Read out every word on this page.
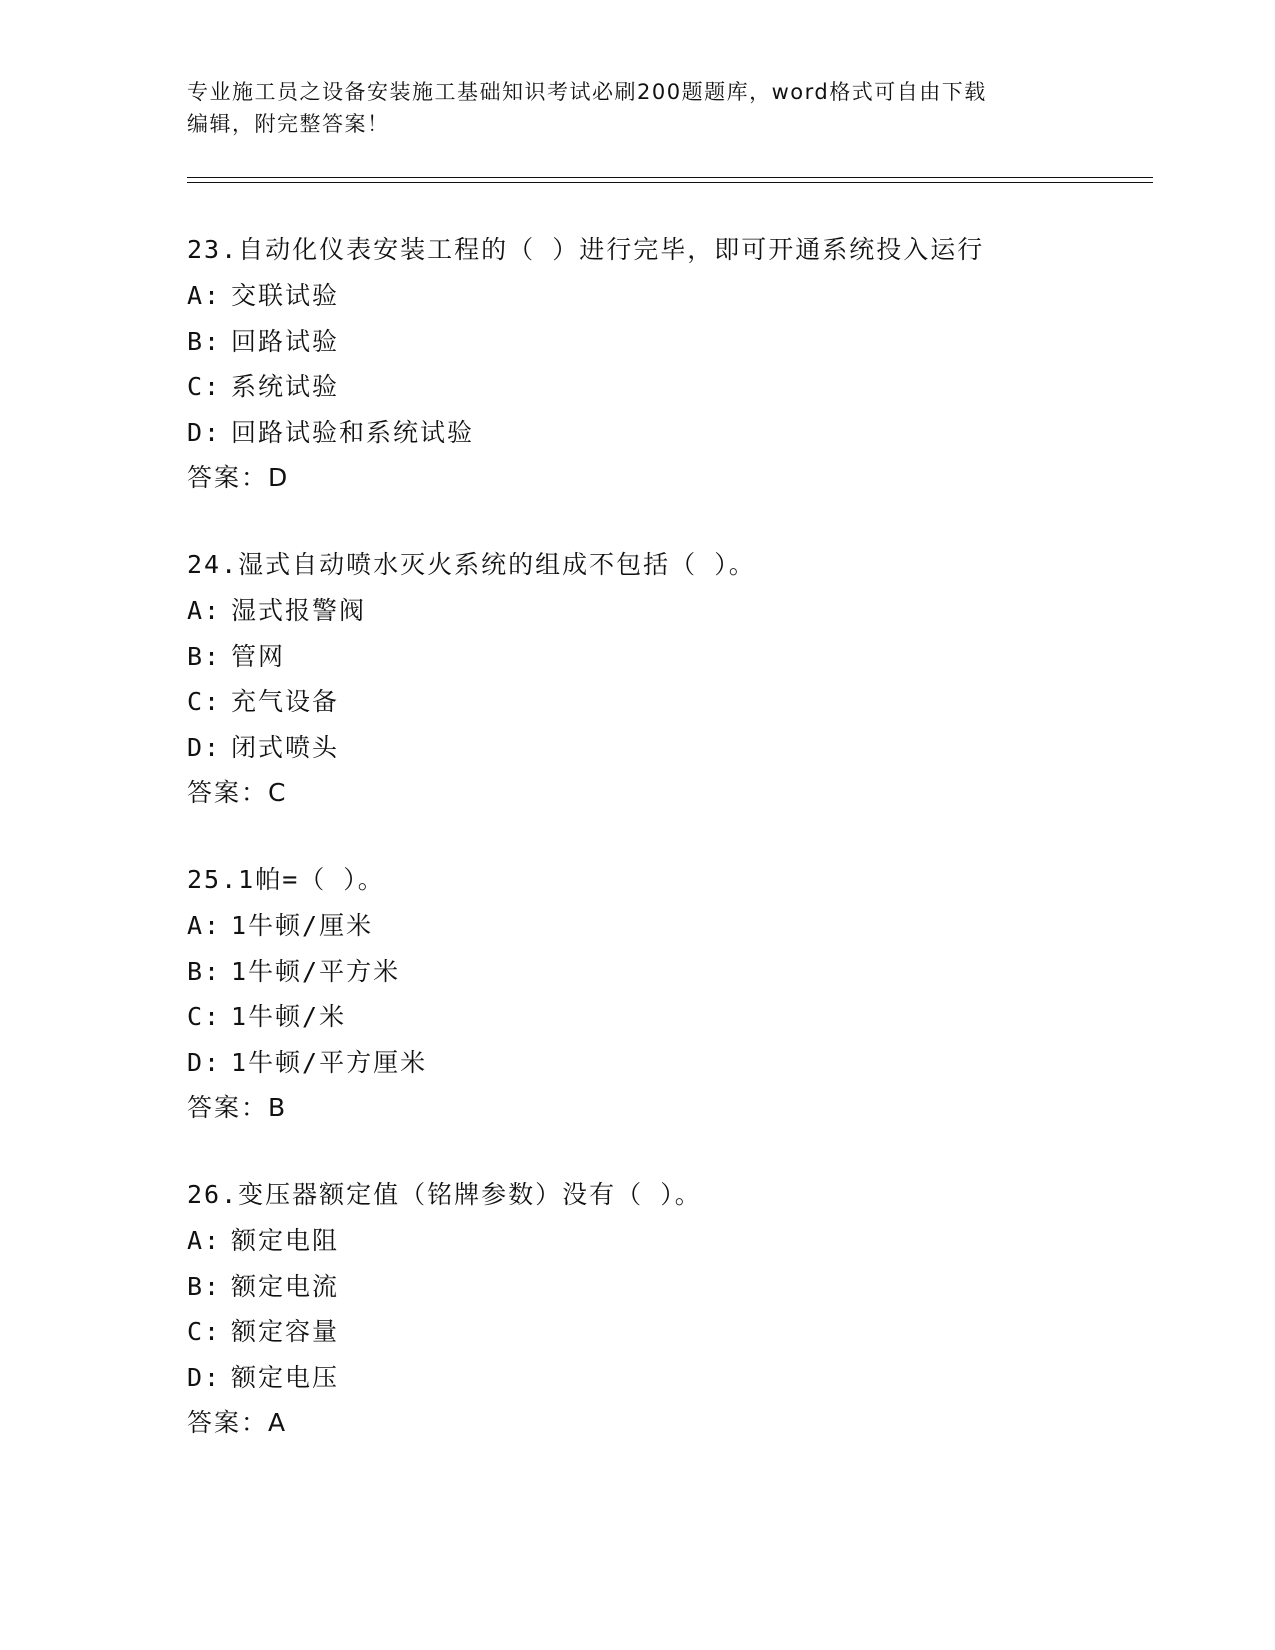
专业施工员之设备安装施工基础知识考试必刷200题题库，word格式可自由下载
编辑，附完整答案！
23.自动化仪表安装工程的（ ）进行完毕，即可开通系统投入运行
A: 交联试验
B: 回路试验
C: 系统试验
D: 回路试验和系统试验
答案：D
24.湿式自动喷水灭火系统的组成不包括（ ）。
A: 湿式报警阀
B: 管网
C: 充气设备
D: 闭式喷头
答案：C
25.1帕=（ ）。
A: 1牛顿/厘米
B: 1牛顿/平方米
C: 1牛顿/米
D: 1牛顿/平方厘米
答案：B
26.变压器额定值（铭牌参数）没有（ ）。
A: 额定电阻
B: 额定电流
C: 额定容量
D: 额定电压
答案：A
